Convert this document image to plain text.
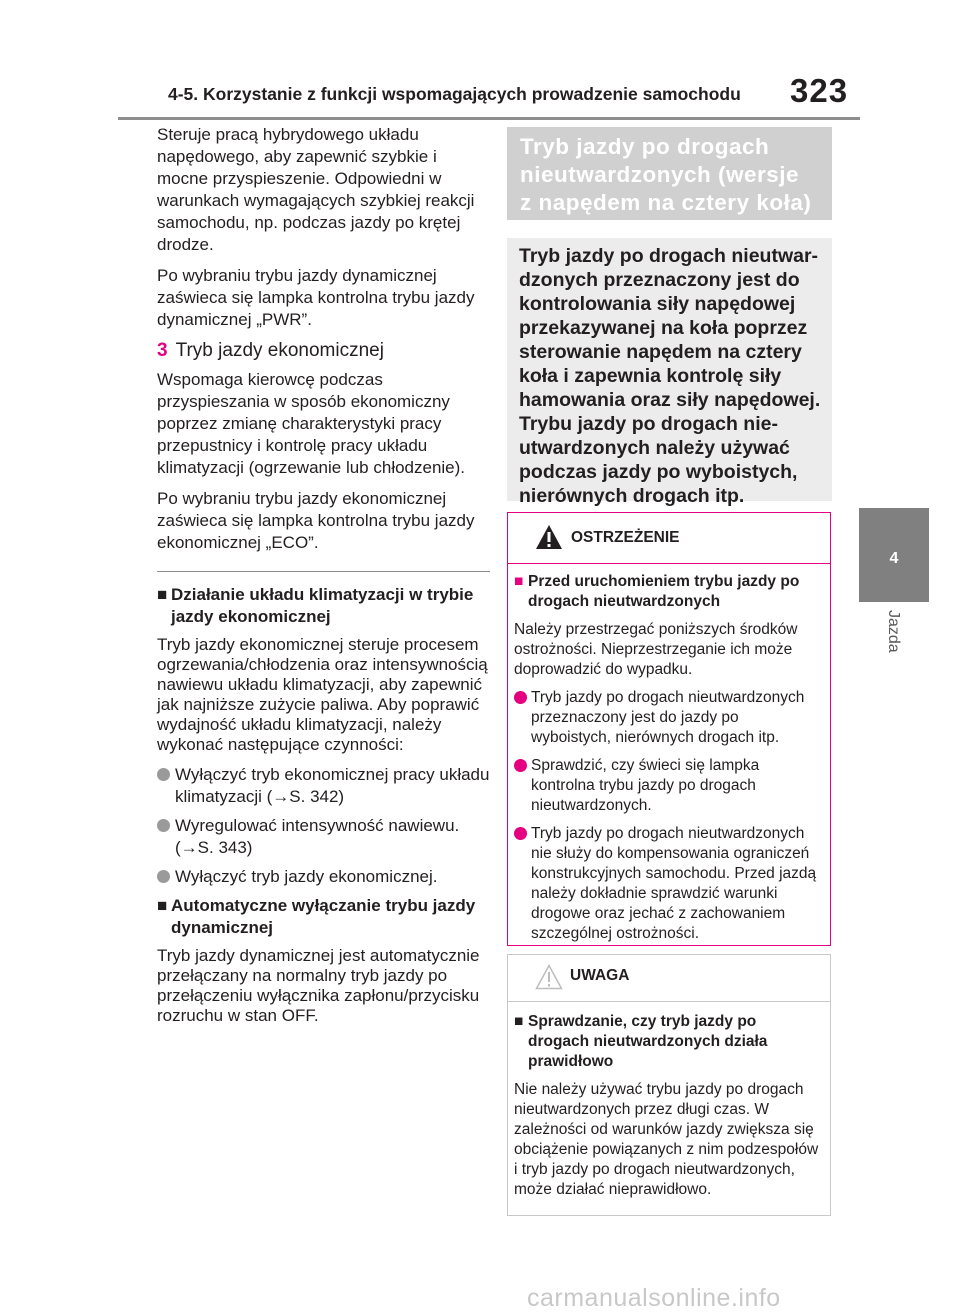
4-5. Korzystanie z funkcji wspomagających prowadzenie samochodu 323
4
Jazda

Steruje pracą hybrydowego układu napędowego, aby zapewnić szybkie i mocne przyspieszenie. Odpowiedni w warunkach wymagających szybkiej reakcji samochodu, np. podczas jazdy po krętej drodze.

Po wybraniu trybu jazdy dynamicznej zaświeca się lampka kontrolna trybu jazdy dynamicznej „PWR”.

3 Tryb jazdy ekonomicznej

Wspomaga kierowcę podczas przyspieszania w sposób ekonomiczny poprzez zmianę charakterystyki pracy przepustnicy i kontrolę pracy układu klimatyzacji (ogrzewanie lub chłodzenie).

Po wybraniu trybu jazdy ekonomicznej zaświeca się lampka kontrolna trybu jazdy ekonomicznej „ECO”.

■ Działanie układu klimatyzacji w trybie jazdy ekonomicznej

Tryb jazdy ekonomicznej steruje procesem ogrzewania/chłodzenia oraz intensywnością nawiewu układu klimatyzacji, aby zapewnić jak najniższe zużycie paliwa. Aby poprawić wydajność układu klimatyzacji, należy wykonać następujące czynności:

Wyłączyć tryb ekonomicznej pracy układu klimatyzacji (→S. 342)
Wyregulować intensywność nawiewu. (→S. 343)
Wyłączyć tryb jazdy ekonomicznej.
■ Automatyczne wyłączanie trybu jazdy dynamicznej

Tryb jazdy dynamicznej jest automatycznie przełączany na normalny tryb jazdy po przełączeniu wyłącznika zapłonu/przycisku rozruchu w stan OFF.

Tryb jazdy po drogach
nieutwardzonych (wersje
z napędem na cztery koła)
Tryb jazdy po drogach nieutwar-
dzonych przeznaczony jest do
kontrolowania siły napędowej
przekazywanej na koła poprzez
sterowanie napędem na cztery
koła i zapewnia kontrolę siły
hamowania oraz siły napędowej.
Trybu jazdy po drogach nie-
utwardzonych należy używać
podczas jazdy po wyboistych,
nierównych drogach itp.
OSTRZEŻENIE
■ Przed uruchomieniem trybu jazdy po drogach nieutwardzonych

Należy przestrzegać poniższych środków ostrożności. Nieprzestrzeganie ich może doprowadzić do wypadku.

Tryb jazdy po drogach nieutwardzonych przeznaczony jest do jazdy po wyboistych, nierównych drogach itp.
Sprawdzić, czy świeci się lampka kontrolna trybu jazdy po drogach nieutwardzonych.
Tryb jazdy po drogach nieutwardzonych nie służy do kompensowania ograniczeń konstrukcyjnych samochodu. Przed jazdą należy dokładnie sprawdzić warunki drogowe oraz jechać z zachowaniem szczególnej ostrożności.
UWAGA
■ Sprawdzanie, czy tryb jazdy po drogach nieutwardzonych działa prawidłowo

Nie należy używać trybu jazdy po drogach nieutwardzonych przez długi czas. W zależności od warunków jazdy zwiększa się obciążenie powiązanych z nim podzespołów i tryb jazdy po drogach nieutwardzonych, może działać nieprawidłowo.

carmanualsonline.info
